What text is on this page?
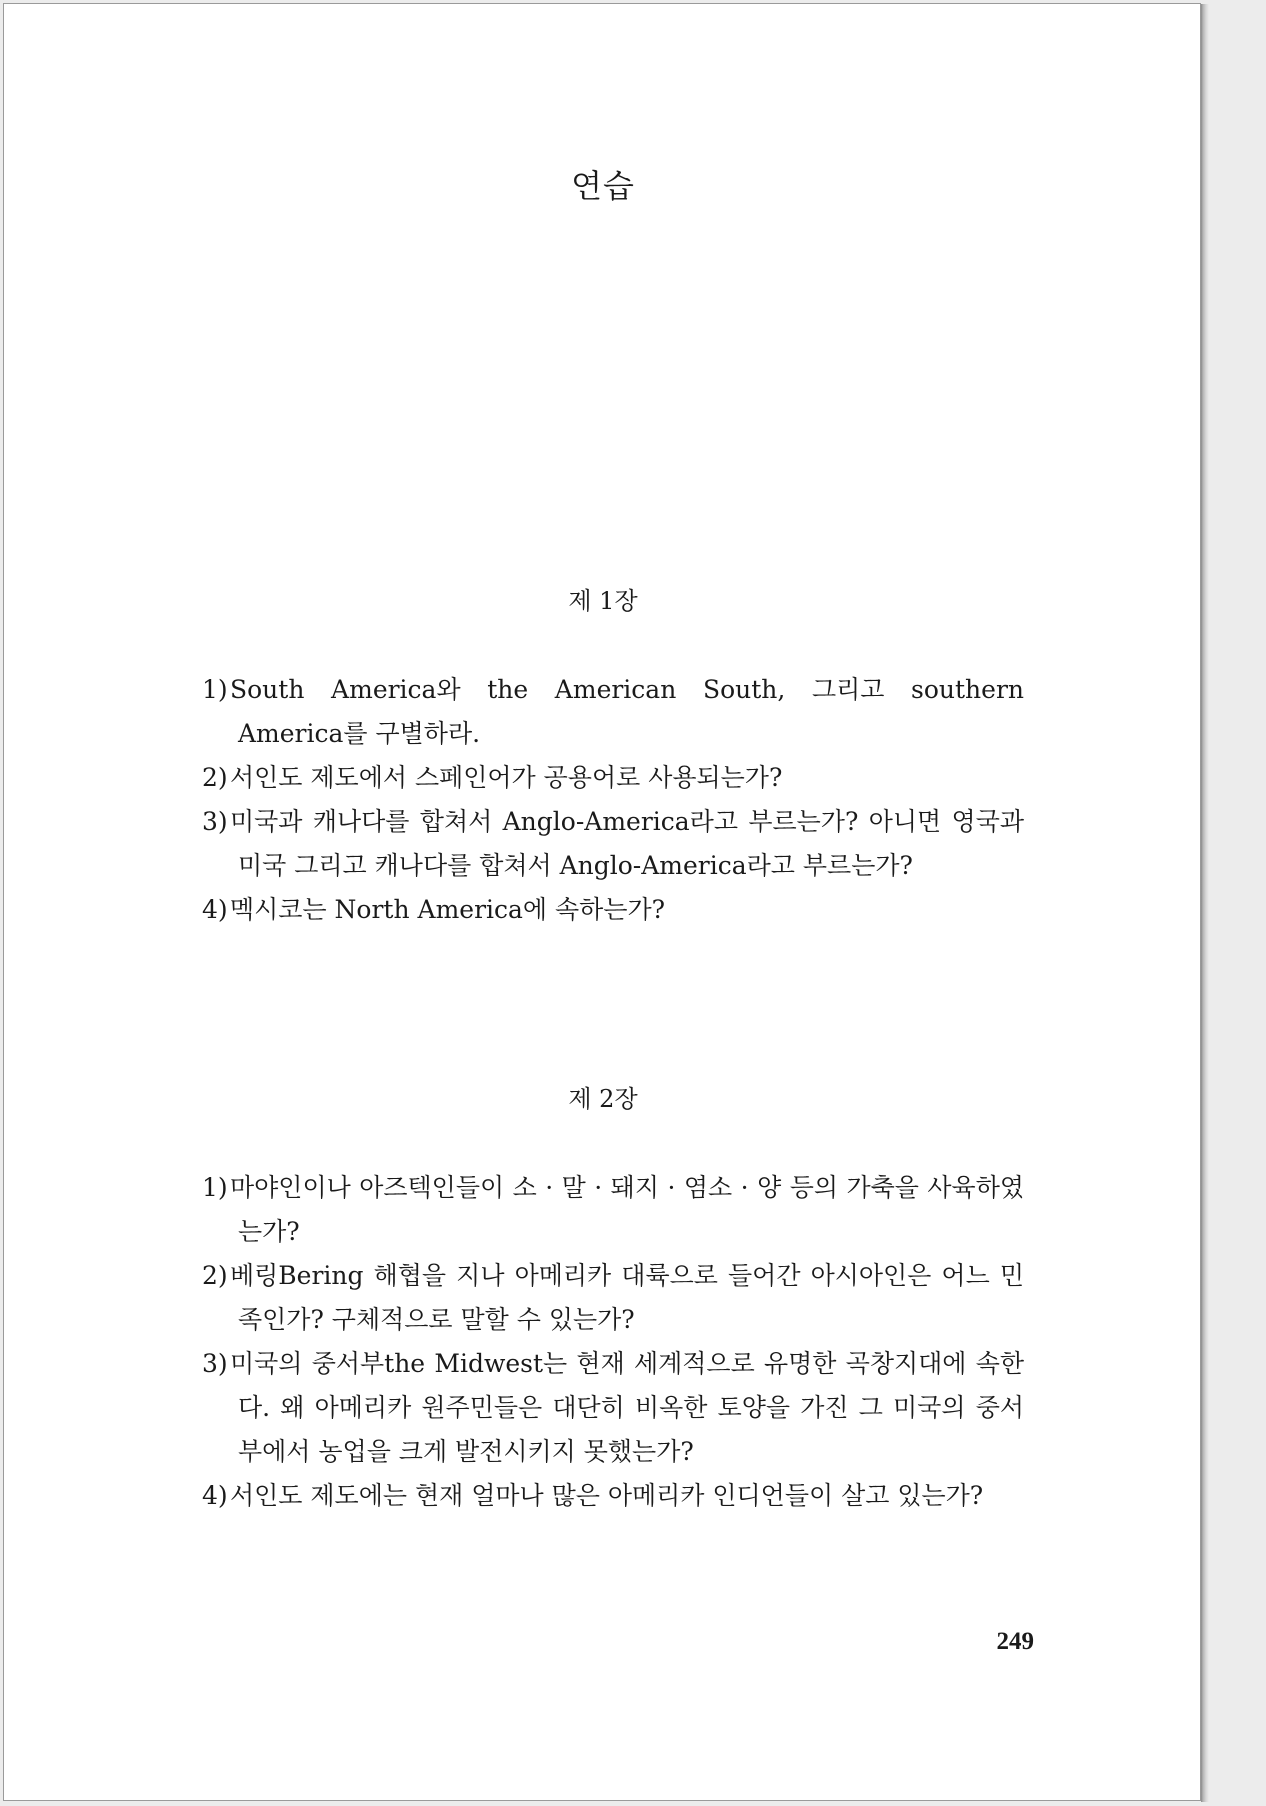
연습
제 1장
1) South America와 the American South, 그리고 southern America를 구별하라.
2) 서인도 제도에서 스페인어가 공용어로 사용되는가?
3) 미국과 캐나다를 합쳐서 Anglo-America라고 부르는가? 아니면 영국과 미국 그리고 캐나다를 합쳐서 Anglo-America라고 부르는가?
4) 멕시코는 North America에 속하는가?
제 2장
1) 마야인이나 아즈텍인들이 소 · 말 · 돼지 · 염소 · 양 등의 가축을 사육하였는가?
2) 베링Bering 해협을 지나 아메리카 대륙으로 들어간 아시아인은 어느 민족인가? 구체적으로 말할 수 있는가?
3) 미국의 중서부the Midwest는 현재 세계적으로 유명한 곡창지대에 속한다. 왜 아메리카 원주민들은 대단히 비옥한 토양을 가진 그 미국의 중서부에서 농업을 크게 발전시키지 못했는가?
4) 서인도 제도에는 현재 얼마나 많은 아메리카 인디언들이 살고 있는가?
249
